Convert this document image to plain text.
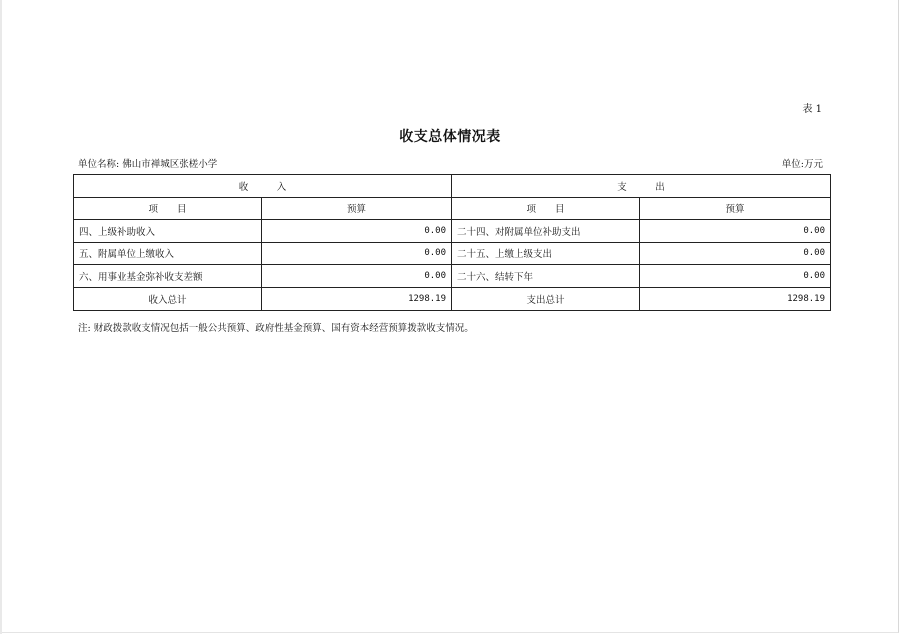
表 1
收支总体情况表
单位名称: 佛山市禅城区张槎小学	单位:万元
收　　　入		支　　　出	
项　　目	预算	项　　目	预算
四、上级补助收入	0.00	二十四、对附属单位补助支出	0.00
五、附属单位上缴收入	0.00	二十五、上缴上级支出	0.00
六、用事业基金弥补收支差额	0.00	二十六、结转下年	0.00
收入总计	1298.19	支出总计	1298.19
注: 财政拨款收支情况包括一般公共预算、政府性基金预算、国有资本经营预算拨款收支情况。
